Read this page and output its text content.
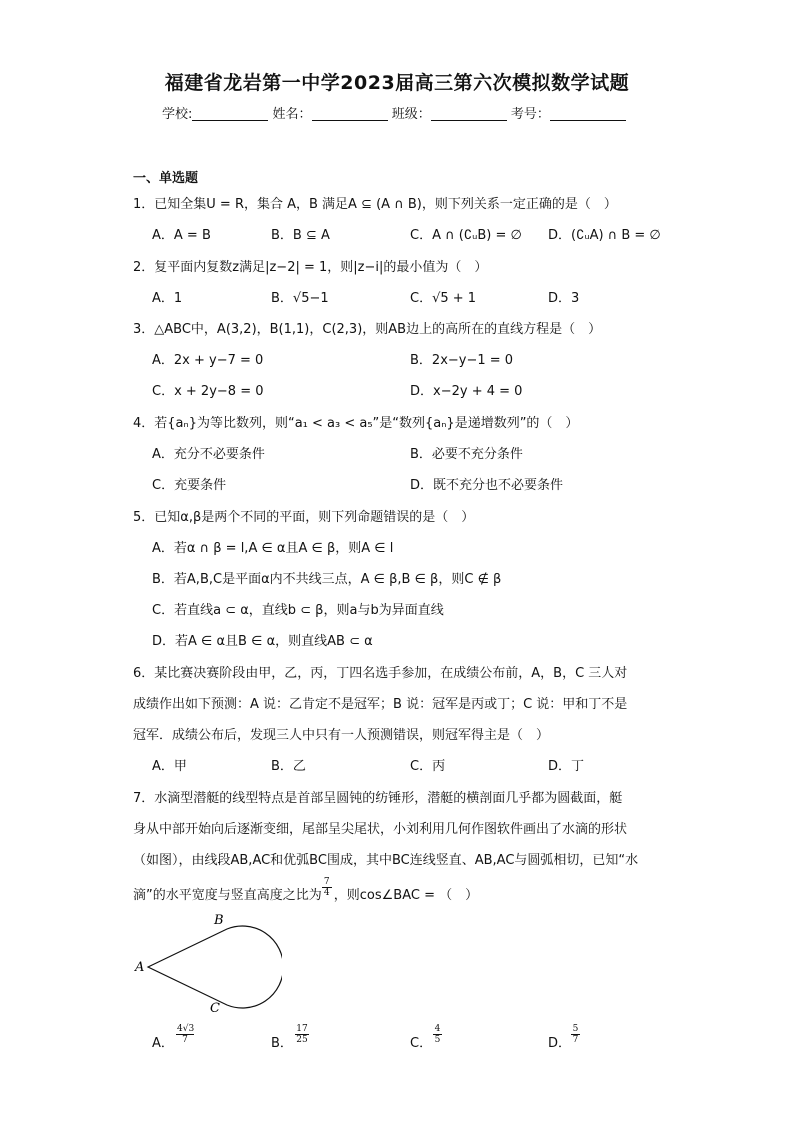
福建省龙岩第一中学2023届高三第六次模拟数学试题
学校:	姓名：	班级：	考号：
一、单选题
1．已知全集U = R，集合 A，B 满足A ⊆ (A ∩ B)，则下列关系一定正确的是（　）
A．A = B	B．B ⊆ A	C．A ∩ (∁ᵤB) = ∅ D．(∁ᵤA) ∩ B = ∅
2．复平面内复数z满足|z−2| = 1，则|z−i|的最小值为（　）
A．1	B．√5−1	C．√5 + 1	D．3
3．△ABC中，A(3,2)，B(1,1)，C(2,3)，则AB边上的高所在的直线方程是（　）
A．2x + y−7 = 0	B．2x−y−1 = 0
C．x + 2y−8 = 0	D．x−2y + 4 = 0
4．若{aₙ}为等比数列，则“a₁ < a₃ < a₅”是“数列{aₙ}是递增数列”的（　）
A．充分不必要条件	B．必要不充分条件
C．充要条件	D．既不充分也不必要条件
5．已知α,β是两个不同的平面，则下列命题错误的是（　）
A．若α ∩ β = l,A ∈ α且A ∈ β，则A ∈ l
B．若A,B,C是平面α内不共线三点，A ∈ β,B ∈ β，则C ∉ β
C．若直线a ⊂ α，直线b ⊂ β，则a与b为异面直线
D．若A ∈ α且B ∈ α，则直线AB ⊂ α
6．某比赛决赛阶段由甲，乙，丙，丁四名选手参加，在成绩公布前，A，B，C 三人对
成绩作出如下预测：A 说：乙肯定不是冠军；B 说：冠军是丙或丁；C 说：甲和丁不是
冠军．成绩公布后，发现三人中只有一人预测错误，则冠军得主是（　）
A．甲	B．乙	C．丙	D．丁
7．水滴型潜艇的线型特点是首部呈圆钝的纺锤形，潜艇的横剖面几乎都为圆截面，艇
身从中部开始向后逐渐变细，尾部呈尖尾状，小刘利用几何作图软件画出了水滴的形状
（如图），由线段AB,AC和优弧BC围成，其中BC连线竖直、AB,AC与圆弧相切，已知“水
滴”的水平宽度与竖直高度之比为 $\frac{7}{4}$ ，则cos∠BAC = （　）
B
A
C
A． $\frac{4√3}{7}$	B． $\frac{17}{25}$	C． $\frac{4}{5}$	D． $\frac{5}{7}$
